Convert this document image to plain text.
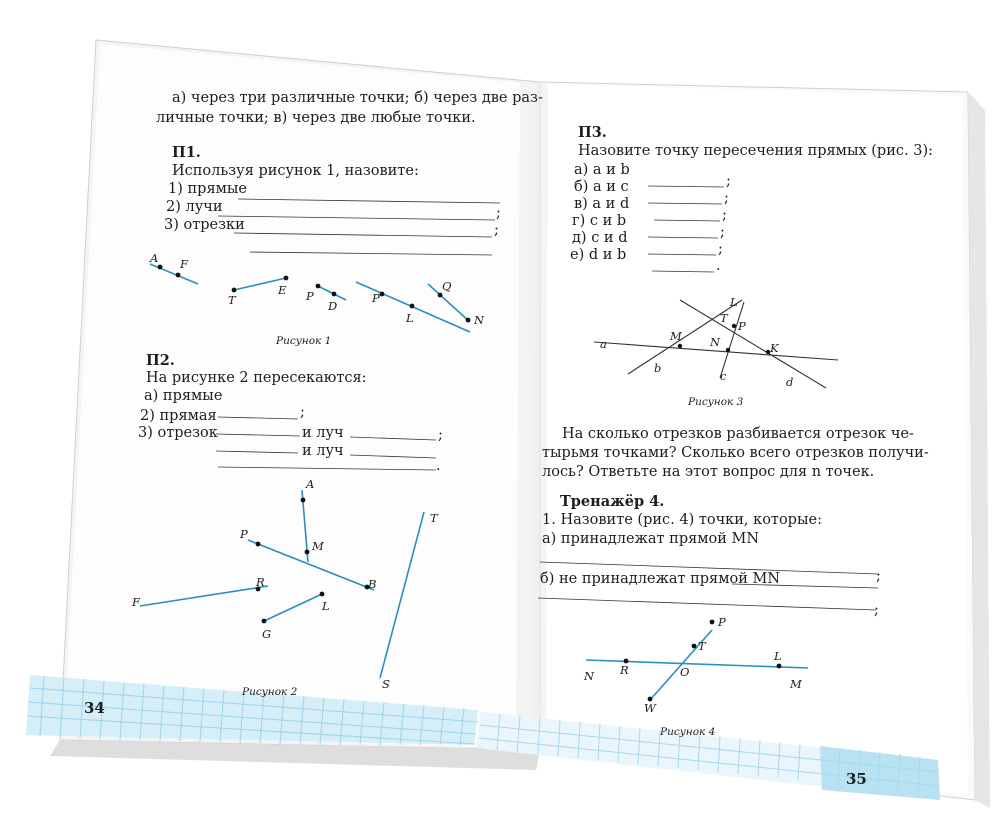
а) через три различные точки; б) через две раз-
личные точки; в) через две любые точки.
П1.
Используя рисунок 1, назовите:
1) прямые
2) лучи
3) отрезки
;
;
A F
T
E P
D
P
Q
L	N
Рисунок 1
П2.
На рисунке 2 пересекаются:
а) прямые
;
2) прямая
и луч	;
3) отрезок
и луч
.
A
M
P
B
R
F	L
G
T
S
Рисунок 2
34
П3.
Назовите точку пересечения прямых (рис. 3):
а) a и b
б) a и c
в) a и d
г) c и b
д) c и d
е) d и b
;
;
;
;
;
.
L
T
P
M N	K
a
b
c	d
Рисунок 3
На сколько отрезков разбивается отрезок че-
тырьмя точками? Сколько всего отрезков получи-
лось? Ответьте на этот вопрос для n точек.
Тренажёр 4.
1. Назовите (рис. 4) точки, которые:
а) принадлежат прямой MN
б) не принадлежат прямой MN	;
;
P
T
L
N R	O
M
W
Рисунок 4
35
